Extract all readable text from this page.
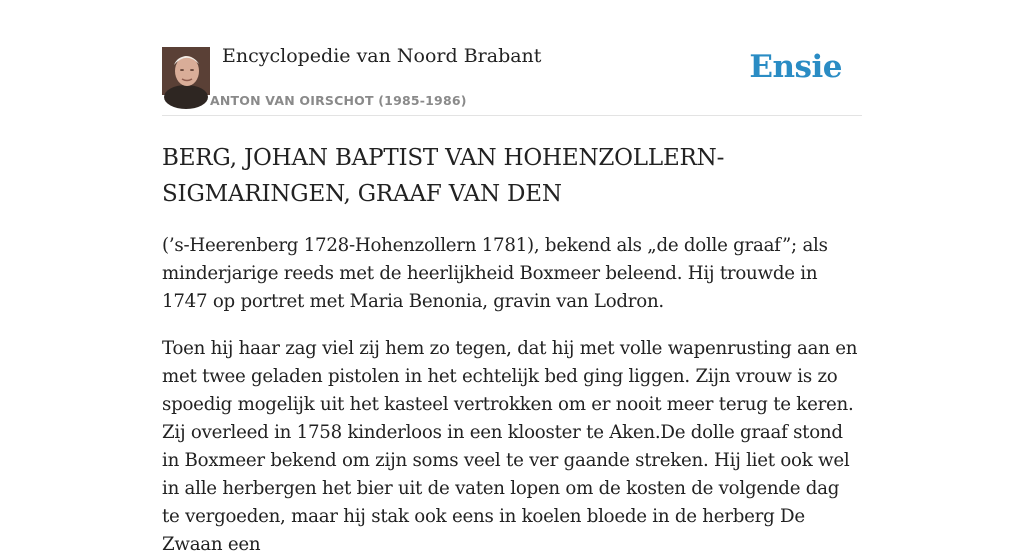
Encyclopedie van Noord Brabant
ANTON VAN OIRSCHOT (1985-1986)
Ensie
BERG, JOHAN BAPTIST VAN HOHENZOLLERN-SIGMARINGEN, GRAAF VAN DEN

(’s-Heerenberg 1728-Hohenzollern 1781), bekend als „de dolle graaf”; als minderjarige reeds met de heerlijkheid Boxmeer beleend. Hij trouwde in 1747 op portret met Maria Benonia, gravin van Lodron.

Toen hij haar zag viel zij hem zo tegen, dat hij met volle wapenrusting aan en met twee geladen pistolen in het echtelijk bed ging liggen. Zijn vrouw is zo spoedig mogelijk uit het kasteel vertrokken om er nooit meer terug te keren. Zij overleed in 1758 kinderloos in een klooster te Aken.De dolle graaf stond in Boxmeer bekend om zijn soms veel te ver gaande streken. Hij liet ook wel in alle herbergen het bier uit de vaten lopen om de kosten de volgende dag te vergoeden, maar hij stak ook eens in koelen bloede in de herberg De Zwaan een
